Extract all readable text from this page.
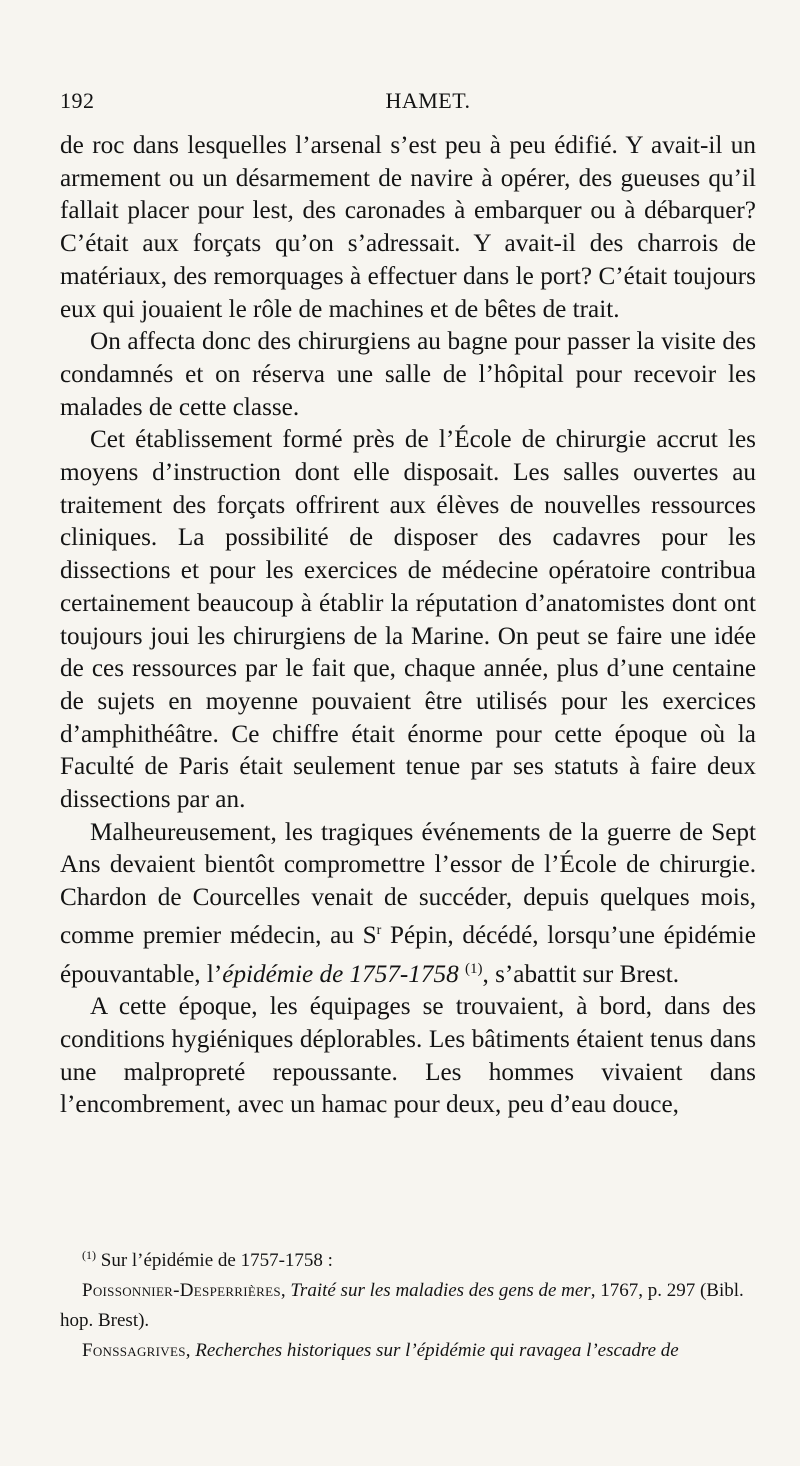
192	HAMET.

de roc dans lesquelles l’arsenal s’est peu à peu édifié. Y avait-il un armement ou un désarmement de navire à opérer, des gueuses qu’il fallait placer pour lest, des caronades à embarquer ou à débarquer? C’était aux forçats qu’on s’adressait. Y avait-il des charrois de matériaux, des remorquages à effectuer dans le port? C’était toujours eux qui jouaient le rôle de machines et de bêtes de trait.

On affecta donc des chirurgiens au bagne pour passer la visite des condamnés et on réserva une salle de l’hôpital pour recevoir les malades de cette classe.

Cet établissement formé près de l’École de chirurgie accrut les moyens d’instruction dont elle disposait. Les salles ouvertes au traitement des forçats offrirent aux élèves de nouvelles ressources cliniques. La possibilité de disposer des cadavres pour les dissections et pour les exercices de médecine opératoire contribua certainement beaucoup à établir la réputation d’anatomistes dont ont toujours joui les chirurgiens de la Marine. On peut se faire une idée de ces ressources par le fait que, chaque année, plus d’une centaine de sujets en moyenne pouvaient être utilisés pour les exercices d’amphithéâtre. Ce chiffre était énorme pour cette époque où la Faculté de Paris était seulement tenue par ses statuts à faire deux dissections par an.

Malheureusement, les tragiques événements de la guerre de Sept Ans devaient bientôt compromettre l’essor de l’École de chirurgie. Chardon de Courcelles venait de succéder, depuis quelques mois, comme premier médecin, au $S^r$ Pépin, décédé, lorsqu’une épidémie épouvantable, l’épidémie de 1757-1758 $^{(1)}$, s’abattit sur Brest.

A cette époque, les équipages se trouvaient, à bord, dans des conditions hygiéniques déplorables. Les bâtiments étaient tenus dans une malpropreté repoussante. Les hommes vivaient dans l’encombrement, avec un hamac pour deux, peu d’eau douce,

$^{(1)}$ Sur l’épidémie de 1757-1758 :

Poissonnier-Desperrières, Traité sur les maladies des gens de mer, 1767, p. 297 (Bibl. hop. Brest).

Fonssagrives, Recherches historiques sur l’épidémie qui ravagea l’escadre de
